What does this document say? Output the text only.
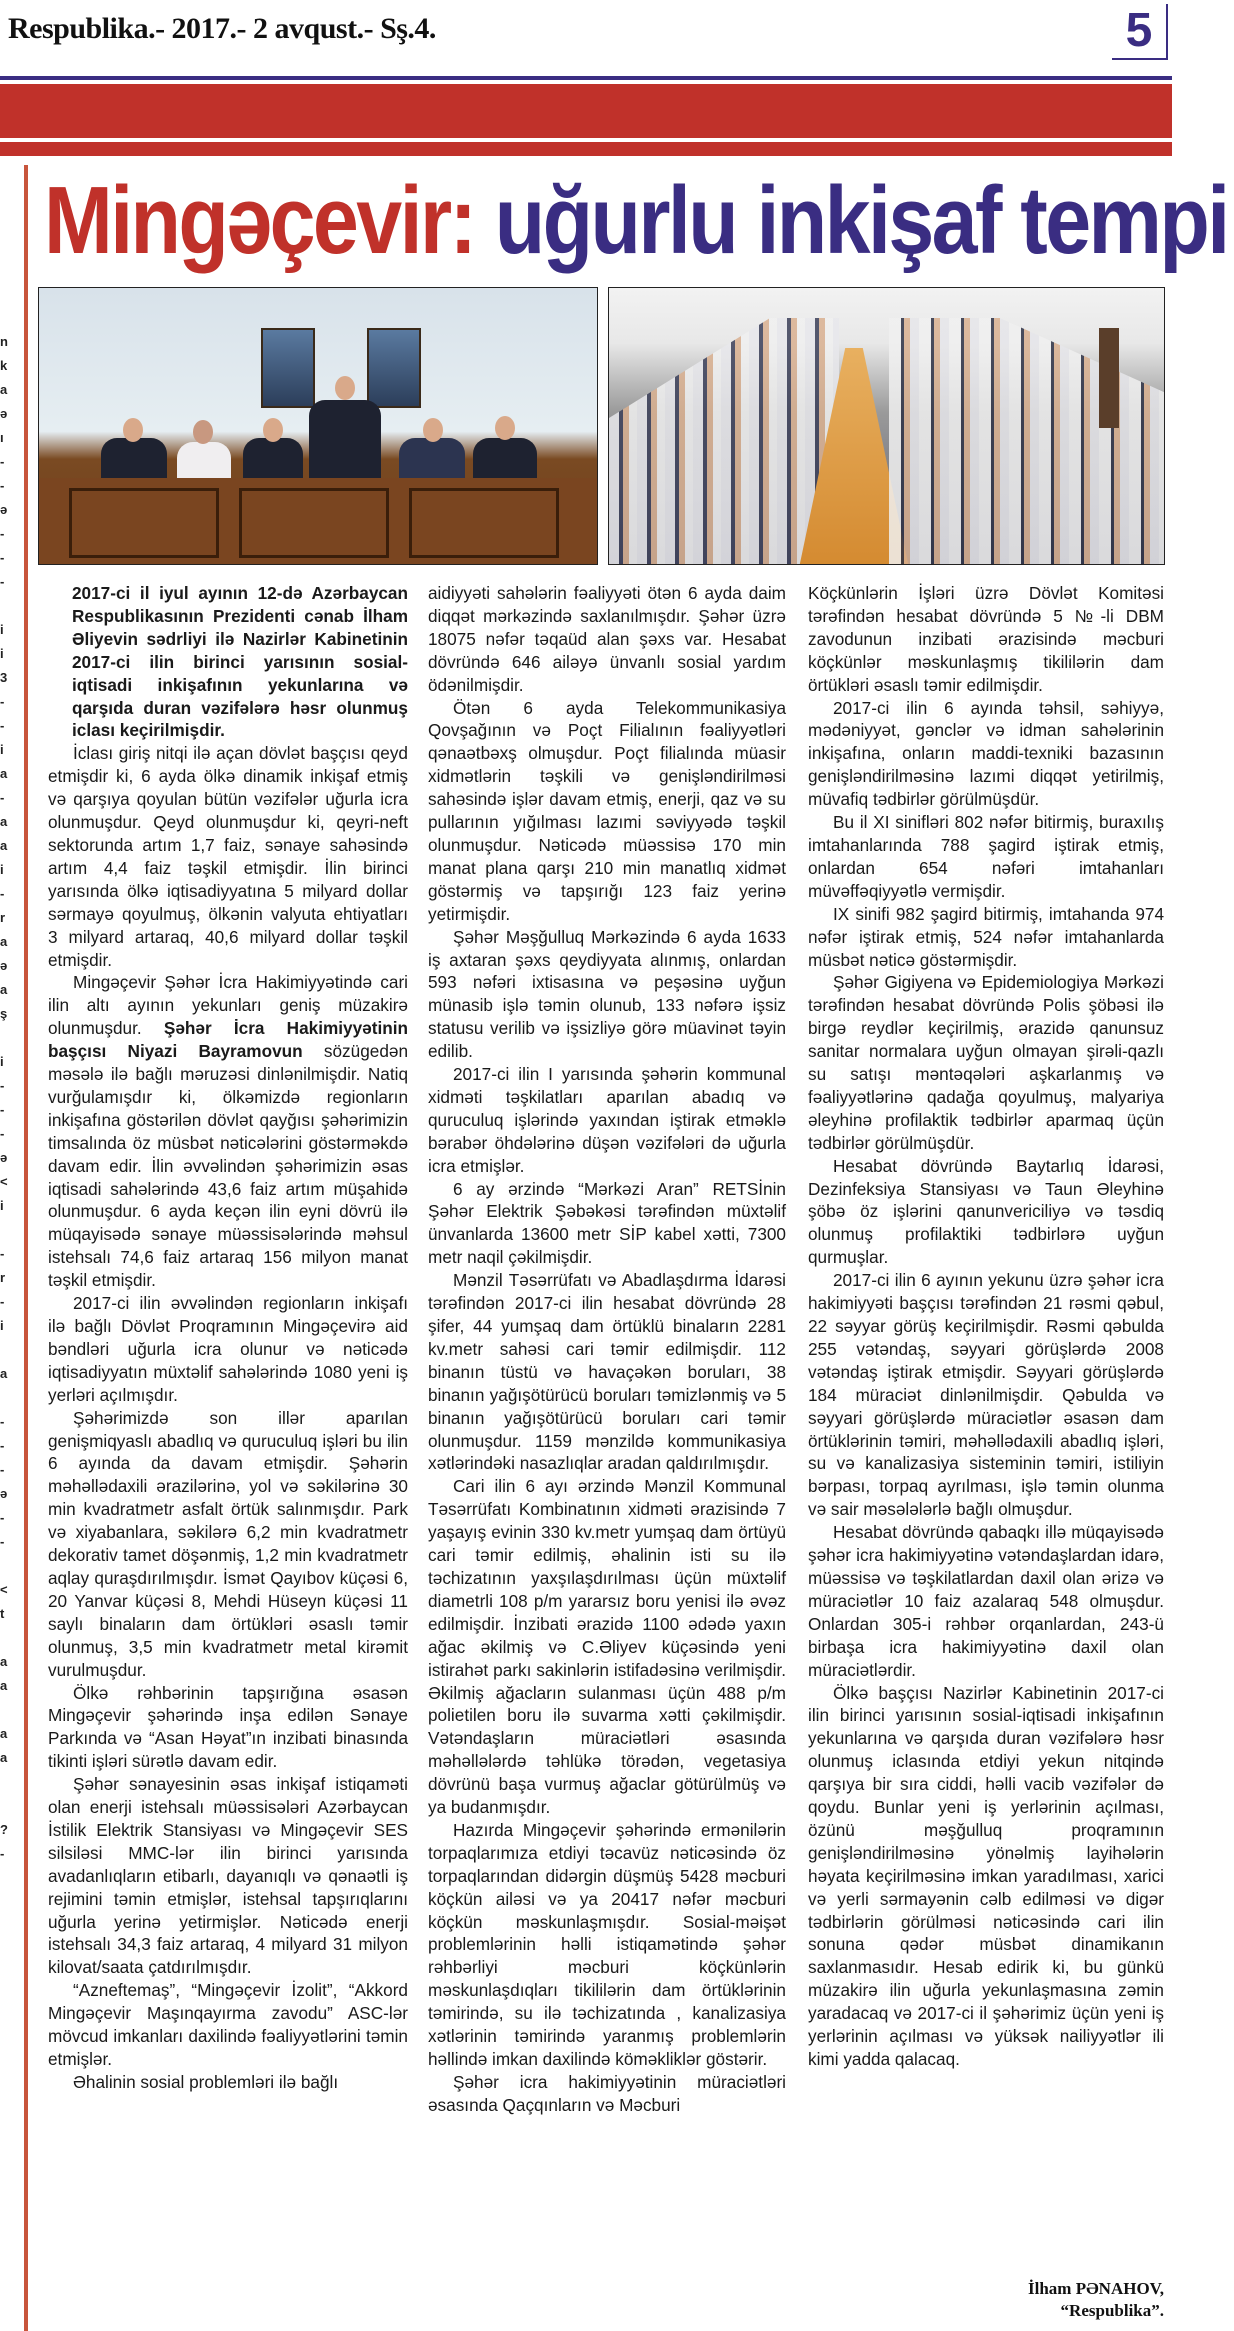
Respublika.- 2017.- 2 avqust.- Sş.4.	5
n
k
a
ə
ı
-
-
ə
-
-
-
i
i
3
-
-
i
a
-
a
a
i
-
r
a
ə
a
ş
i
-
-
-
ə
<
i
-
r
-
i
a
-
-
-
ə
-
-
<
t
a
a
a
a
?
-
Mingəçevir: uğurlu inkişaf tempi

2017-ci il iyul ayının 12-də Azərbaycan Respublikasının Prezidenti cənab İlham Əliyevin sədrliyi ilə Nazirlər Kabinetinin 2017-ci ilin birinci yarısının sosial-iqtisadi inkişafının yekunlarına və qarşıda duran vəzifələrə həsr olunmuş iclası keçirilmişdir.

İclası giriş nitqi ilə açan dövlət başçısı qeyd etmişdir ki, 6 ayda ölkə dinamik inkişaf etmiş və qarşıya qoyulan bütün vəzifələr uğurla icra olunmuşdur. Qeyd olunmuşdur ki, qeyri-neft sektorunda artım 1,7 faiz, sənaye sahəsində artım 4,4 faiz təşkil etmişdir. İlin birinci yarısında ölkə iqtisadiyyatına 5 milyard dollar sərmayə qoyulmuş, ölkənin valyuta ehtiyatları 3 milyard artaraq, 40,6 milyard dollar təşkil etmişdir.

Mingəçevir Şəhər İcra Hakimiyyətində cari ilin altı ayının yekunları geniş müzakirə olunmuşdur. Şəhər İcra Hakimiyyətinin başçısı Niyazi Bayramovun sözügedən məsələ ilə bağlı məruzəsi dinlənilmişdir. Natiq vurğulamışdır ki, ölkəmizdə regionların inkişafına göstərilən dövlət qayğısı şəhərimizin timsalında öz müsbət nəticələrini göstərməkdə davam edir. İlin əvvəlindən şəhərimizin əsas iqtisadi sahələrində 43,6 faiz artım müşahidə olunmuşdur. 6 ayda keçən ilin eyni dövrü ilə müqayisədə sənaye müəssisələrində məhsul istehsalı 74,6 faiz artaraq 156 milyon manat təşkil etmişdir.

2017-ci ilin əvvəlindən regionların inkişafı ilə bağlı Dövlət Proqramının Mingəçevirə aid bəndləri uğurla icra olunur və nəticədə iqtisadiyyatın müxtəlif sahələrində 1080 yeni iş yerləri açılmışdır.

Şəhərimizdə son illər aparılan genişmiqyaslı abadlıq və quruculuq işləri bu ilin 6 ayında da davam etmişdir. Şəhərin məhəllədaxili ərazilərinə, yol və səkilərinə 30 min kvadratmetr asfalt örtük salınmışdır. Park və xiyabanlara, səkilərə 6,2 min kvadratmetr dekorativ tamet döşənmiş, 1,2 min kvadratmetr aqlay quraşdırılmışdır. İsmət Qayıbov küçəsi 6, 20 Yanvar küçəsi 8, Mehdi Hüseyn küçəsi 11 saylı binaların dam örtükləri əsaslı təmir olunmuş, 3,5 min kvadratmetr metal kirəmit vurulmuşdur.

Ölkə rəhbərinin tapşırığına əsasən Mingəçevir şəhərində inşa edilən Sənaye Parkında və “Asan Həyat”ın inzibati binasında tikinti işləri sürətlə davam edir.

Şəhər sənayesinin əsas inkişaf istiqaməti olan enerji istehsalı müəssisələri Azərbaycan İstilik Elektrik Stansiyası və Mingəçevir SES silsiləsi MMC-lər ilin birinci yarısında avadanlıqların etibarlı, dayanıqlı və qənaətli iş rejimini təmin etmişlər, istehsal tapşırıqlarını uğurla yerinə yetirmişlər. Nəticədə enerji istehsalı 34,3 faiz artaraq, 4 milyard 31 milyon kilovat/saata çatdırılmışdır.

“Azneftemaş”, “Mingəçevir İzolit”, “Akkord Mingəçevir Maşınqayırma zavodu” ASC-lər mövcud imkanları daxilində fəaliyyətlərini təmin etmişlər.

Əhalinin sosial problemləri ilə bağlı

aidiyyəti sahələrin fəaliyyəti ötən 6 ayda daim diqqət mərkəzində saxlanılmışdır. Şəhər üzrə 18075 nəfər təqaüd alan şəxs var. Hesabat dövründə 646 ailəyə ünvanlı sosial yardım ödənilmişdir.

Ötən 6 ayda Telekommunikasiya Qovşağının və Poçt Filialının fəaliyyətləri qənaətbəxş olmuşdur. Poçt filialında müasir xidmətlərin təşkili və genişləndirilməsi sahəsində işlər davam etmiş, enerji, qaz və su pullarının yığılması lazımi səviyyədə təşkil olunmuşdur. Nəticədə müəssisə 170 min manat plana qarşı 210 min manatlıq xidmət göstərmiş və tapşırığı 123 faiz yerinə yetirmişdir.

Şəhər Məşğulluq Mərkəzində 6 ayda 1633 iş axtaran şəxs qeydiyyata alınmış, onlardan 593 nəfəri ixtisasına və peşəsinə uyğun münasib işlə təmin olunub, 133 nəfərə işsiz statusu verilib və işsizliyə görə müavinət təyin edilib.

2017-ci ilin I yarısında şəhərin kommunal xidməti təşkilatları aparılan abadıq və quruculuq işlərində yaxından iştirak etməklə bərabər öhdələrinə düşən vəzifələri də uğurla icra etmişlər.

6 ay ərzində “Mərkəzi Aran” RETSİnin Şəhər Elektrik Şəbəkəsi tərəfindən müxtəlif ünvanlarda 13600 metr SİP kabel xətti, 7300 metr naqil çəkilmişdir.

Mənzil Təsərrüfatı və Abadlaşdırma İdarəsi tərəfindən 2017-ci ilin hesabat dövründə 28 şifer, 44 yumşaq dam örtüklü binaların 2281 kv.metr sahəsi cari təmir edilmişdir. 112 binanın tüstü və havaçəkən boruları, 38 binanın yağışötürücü boruları təmizlənmiş və 5 binanın yağışötürücü boruları cari təmir olunmuşdur. 1159 mənzildə kommunikasiya xətlərindəki nasazlıqlar aradan qaldırılmışdır.

Cari ilin 6 ayı ərzində Mənzil Kommunal Təsərrüfatı Kombinatının xidməti ərazisində 7 yaşayış evinin 330 kv.metr yumşaq dam örtüyü cari təmir edilmiş, əhalinin isti su ilə təchizatının yaxşılaşdırılması üçün müxtəlif diametrli 108 p/m yararsız boru yenisi ilə əvəz edilmişdir. İnzibati ərazidə 1100 ədədə yaxın ağac əkilmiş və C.Əliyev küçəsində yeni istirahət parkı sakinlərin istifadəsinə verilmişdir. Əkilmiş ağacların sulanması üçün 488 p/m polietilen boru ilə suvarma xətti çəkilmişdir. Vətəndaşların müraciətləri əsasında məhəllələrdə təhlükə törədən, vegetasiya dövrünü başa vurmuş ağaclar götürülmüş və ya budanmışdır.

Hazırda Mingəçevir şəhərində ermənilərin torpaqlarımıza etdiyi təcavüz nəticəsində öz torpaqlarından didərgin düşmüş 5428 məcburi köçkün ailəsi və ya 20417 nəfər məcburi köçkün məskunlaşmışdır. Sosial-məişət problemlərinin həlli istiqamətində şəhər rəhbərliyi məcburi köçkünlərin məskunlaşdıqları tikililərin dam örtüklərinin təmirində, su ilə təchizatında , kanalizasiya xətlərinin təmirində yaranmış problemlərin həllində imkan daxilində köməkliklər göstərir.

Şəhər icra hakimiyyətinin müraciətləri əsasında Qaçqınların və Məcburi

Köçkünlərin İşləri üzrə Dövlət Komitəsi tərəfindən hesabat dövründə 5 №-li DBM zavodunun inzibati ərazisində məcburi köçkünlər məskunlaşmış tikililərin dam örtükləri əsaslı təmir edilmişdir.

2017-ci ilin 6 ayında təhsil, səhiyyə, mədəniyyət, gənclər və idman sahələrinin inkişafına, onların maddi-texniki bazasının genişləndirilməsinə lazımi diqqət yetirilmiş, müvafiq tədbirlər görülmüşdür.

Bu il XI sinifləri 802 nəfər bitirmiş, buraxılış imtahanlarında 788 şagird iştirak etmiş, onlardan 654 nəfəri imtahanları müvəffəqiyyətlə vermişdir.

IX sinifi 982 şagird bitirmiş, imtahanda 974 nəfər iştirak etmiş, 524 nəfər imtahanlarda müsbət nəticə göstərmişdir.

Şəhər Gigiyena və Epidemiologiya Mərkəzi tərəfindən hesabat dövründə Polis şöbəsi ilə birgə reydlər keçirilmiş, ərazidə qanunsuz sanitar normalara uyğun olmayan şirəli-qazlı su satışı məntəqələri aşkarlanmış və fəaliyyətlərinə qadağa qoyulmuş, malyariya əleyhinə profilaktik tədbirlər aparmaq üçün tədbirlər görülmüşdür.

Hesabat dövründə Baytarlıq İdarəsi, Dezinfeksiya Stansiyası və Taun Əleyhinə şöbə öz işlərini qanunvericiliyə və təsdiq olunmuş profilaktiki tədbirlərə uyğun qurmuşlar.

2017-ci ilin 6 ayının yekunu üzrə şəhər icra hakimiyyəti başçısı tərəfindən 21 rəsmi qəbul, 22 səyyar görüş keçirilmişdir. Rəsmi qəbulda 255 vətəndaş, səyyari görüşlərdə 2008 vətəndaş iştirak etmişdir. Səyyari görüşlərdə 184 müraciət dinlənilmişdir. Qəbulda və səyyari görüşlərdə müraciətlər əsasən dam örtüklərinin təmiri, məhəllədaxili abadlıq işləri, su və kanalizasiya sisteminin təmiri, istiliyin bərpası, torpaq ayrılması, işlə təmin olunma və sair məsələlərlə bağlı olmuşdur.

Hesabat dövründə qabaqkı illə müqayisədə şəhər icra hakimiyyətinə vətəndaşlardan idarə, müəssisə və təşkilatlardan daxil olan ərizə və müraciətlər 10 faiz azalaraq 548 olmuşdur. Onlardan 305-i rəhbər orqanlardan, 243-ü birbaşa icra hakimiyyətinə daxil olan müraciətlərdir.

Ölkə başçısı Nazirlər Kabinetinin 2017-ci ilin birinci yarısının sosial-iqtisadi inkişafının yekunlarına və qarşıda duran vəzifələrə həsr olunmuş iclasında etdiyi yekun nitqində qarşıya bir sıra ciddi, həlli vacib vəzifələr də qoydu. Bunlar yeni iş yerlərinin açılması, özünü məşğulluq proqramının genişləndirilməsinə yönəlmiş layihələrin həyata keçirilməsinə imkan yaradılması, xarici və yerli sərmayənin cəlb edilməsi və digər tədbirlərin görülməsi nəticəsində cari ilin sonuna qədər müsbət dinamikanın saxlanmasıdır. Hesab edirik ki, bu günkü müzakirə ilin uğurla yekunlaşmasına zəmin yaradacaq və 2017-ci il şəhərimiz üçün yeni iş yerlərinin açılması və yüksək nailiyyətlər ili kimi yadda qalacaq.

İlham PƏNAHOV,
“Respublika”.
